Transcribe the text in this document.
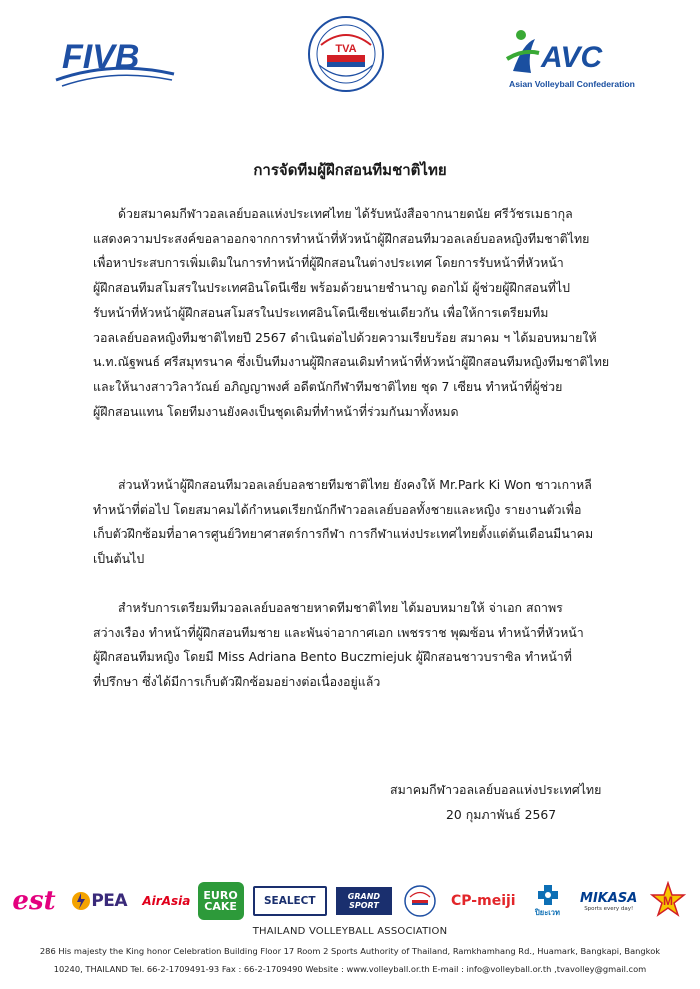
FIVB	TVA	AVC
Asian Volleyball Confederation
การจัดทีมผู้ฝึกสอนทีมชาติไทย

ด้วยสมาคมกีฬาวอลเลย์บอลแห่งประเทศไทย ได้รับหนังสือจากนายดนัย ศรีวัชรเมธากุล
แสดงความประสงค์ขอลาออกจากการทำหน้าที่หัวหน้าผู้ฝึกสอนทีมวอลเลย์บอลหญิงทีมชาติไทย
เพื่อหาประสบการเพิ่มเติมในการทำหน้าที่ผู้ฝึกสอนในต่างประเทศ โดยการรับหน้าที่หัวหน้า
ผู้ฝึกสอนทีมสโมสรในประเทศอินโดนีเซีย พร้อมด้วยนายชำนาญ ดอกไม้ ผู้ช่วยผู้ฝึกสอนที่ไป
รับหน้าที่หัวหน้าผู้ฝึกสอนสโมสรในประเทศอินโดนีเซียเช่นเดียวกัน เพื่อให้การเตรียมทีม
วอลเลย์บอลหญิงทีมชาติไทยปี 2567 ดำเนินต่อไปด้วยความเรียบร้อย สมาคม ฯ ได้มอบหมายให้
น.ท.ณัฐพนธ์ ศรีสมุทรนาค ซึ่งเป็นทีมงานผู้ฝึกสอนเดิมทำหน้าที่หัวหน้าผู้ฝึกสอนทีมหญิงทีมชาติไทย
และให้นางสาววิลาวัณย์ อภิญญาพงศ์ อดีตนักกีฬาทีมชาติไทย ชุด 7 เซียน ทำหน้าที่ผู้ช่วย
ผู้ฝึกสอนแทน โดยทีมงานยังคงเป็นชุดเดิมที่ทำหน้าที่ร่วมกันมาทั้งหมด

ส่วนหัวหน้าผู้ฝึกสอนทีมวอลเลย์บอลชายทีมชาติไทย ยังคงให้ Mr.Park Ki Won ชาวเกาหลี
ทำหน้าที่ต่อไป โดยสมาคมได้กำหนดเรียกนักกีฬาวอลเลย์บอลทั้งชายและหญิง รายงานตัวเพื่อ
เก็บตัวฝึกซ้อมที่อาคารศูนย์วิทยาศาสตร์การกีฬา การกีฬาแห่งประเทศไทยตั้งแต่ต้นเดือนมีนาคม
เป็นต้นไป

สำหรับการเตรียมทีมวอลเลย์บอลชายหาดทีมชาติไทย ได้มอบหมายให้ จ่าเอก สถาพร
สว่างเรือง ทำหน้าที่ผู้ฝึกสอนทีมชาย และพันจ่าอากาศเอก เพชรราช พุฒซ้อน ทำหน้าที่หัวหน้า
ผู้ฝึกสอนทีมหญิง โดยมี Miss Adriana Bento Buczmiejuk ผู้ฝึกสอนชาวบราซิล ทำหน้าที่
ที่ปรึกษา ซึ่งได้มีการเก็บตัวฝึกซ้อมอย่างต่อเนื่องอยู่แล้ว

สมาคมกีฬาวอลเลย์บอลแห่งประเทศไทย
20 กุมภาพันธ์ 2567
est PEA AirAsia EURO
CAKE	SEALECT	GRAND
SPORT	CP-meiji
ปิยะเวท
MIKASA
Sports every day!
M
THAILAND VOLLEYBALL ASSOCIATION
286 His majesty the King honor Celebration Building Floor 17 Room 2 Sports Authority of Thailand, Ramkhamhang Rd., Huamark, Bangkapi, Bangkok
10240, THAILAND Tel. 66-2-1709491-93 Fax : 66-2-1709490 Website : www.volleyball.or.th E-mail : info@volleyball.or.th ,tvavolley@gmail.com
